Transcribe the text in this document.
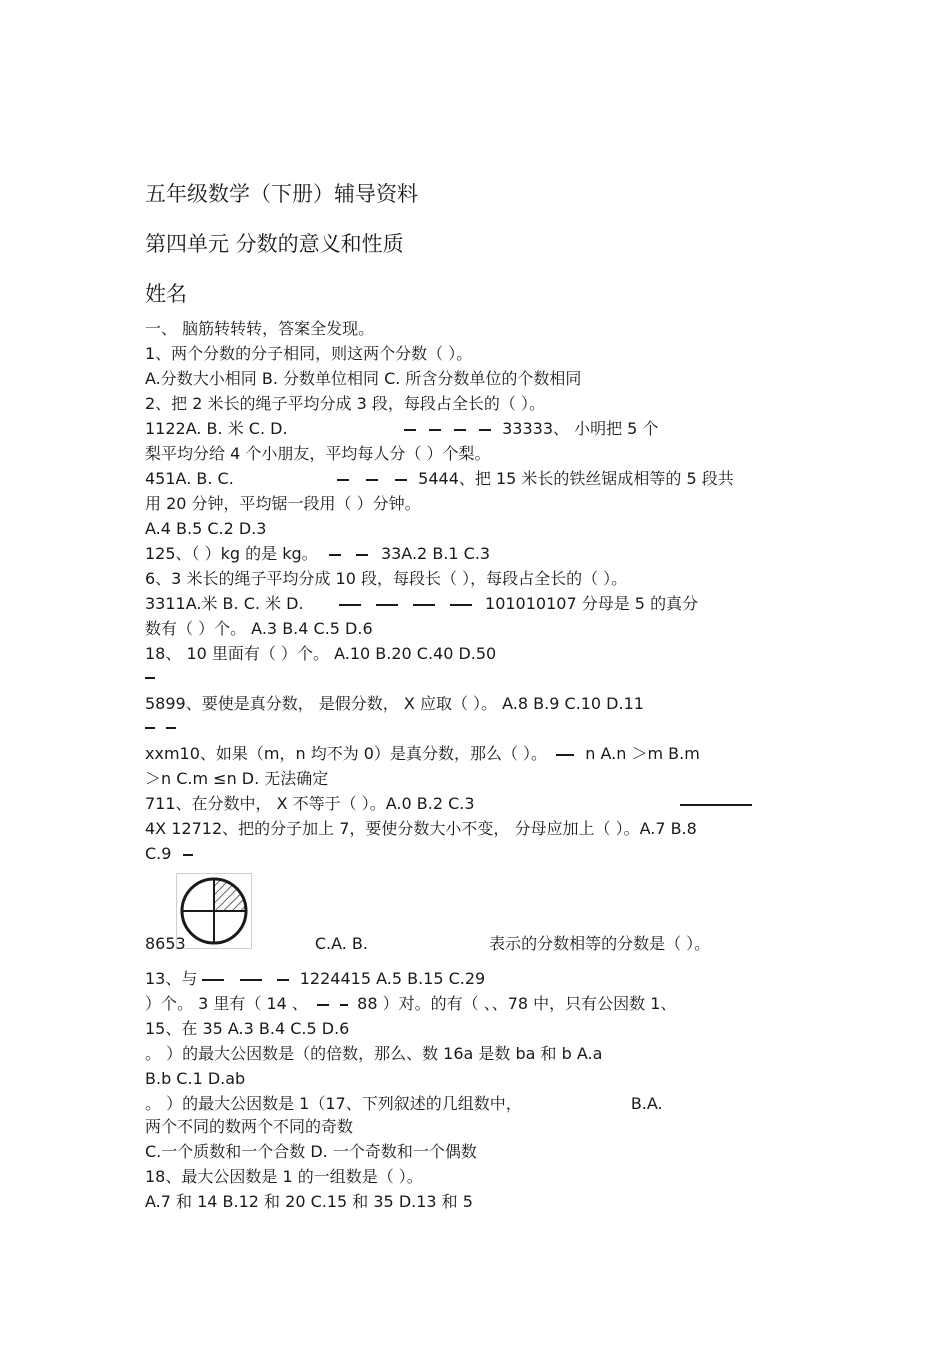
五年级数学（下册）辅导资料
第四单元 分数的意义和性质
姓名
一、 脑筋转转转，答案全发现。
1、两个分数的分子相同，则这两个分数（ ）。
A.分数大小相同 B. 分数单位相同 C. 所含分数单位的个数相同
2、把 2 米长的绳子平均分成 3 段，每段占全长的（ ）。
1122A. B. 米 C. D.	33333、 小明把 5 个
梨平均分给 4 个小朋友，平均每人分（ ）个梨。
451A. B. C.	5444、把 15 米长的铁丝锯成相等的 5 段共
用 20 分钟，平均锯一段用（ ）分钟。
A.4 B.5 C.2 D.3
125、（ ）kg 的是 kg。	33A.2 B.1 C.3
6、3 米长的绳子平均分成 10 段，每段长（ ），每段占全长的（ ）。
3311A.米 B. C. 米 D.	101010107 分母是 5 的真分
数有（ ）个。 A.3 B.4 C.5 D.6
18、 10 里面有（ ）个。 A.10 B.20 C.40 D.50
5899、要使是真分数， 是假分数， X 应取（ ）。 A.8 B.9 C.10 D.11

xxm10、如果（m，n 均不为 0）是真分数，那么（ ）。 n A.n ＞m B.m
＞n C.m ≤n D. 无法确定
711、在分数中， X 不等于（ ）。A.0 B.2 C.3
4X 12712、把的分子加上 7，要使分数大小不变， 分母应加上（ ）。A.7 B.8
C.9
8653	C.A. B.	表示的分数相等的分数是（ ）。
13、与	1224415 A.5 B.15 C.29
）个。 3 里有（ 14 、	88 ）对。的有（ 、、78 中，只有公因数 1、
15、在 35 A.3 B.4 C.5 D.6
。 ）的最大公因数是（的倍数，那么、数 16a 是数 ba 和 b A.a
B.b C.1 D.ab
。 ）的最大公因数是 1（17、下列叙述的几组数中，	B.A.
两个不同的数两个不同的奇数
C.一个质数和一个合数 D. 一个奇数和一个偶数
18、最大公因数是 1 的一组数是（ ）。
A.7 和 14 B.12 和 20 C.15 和 35 D.13 和 5
